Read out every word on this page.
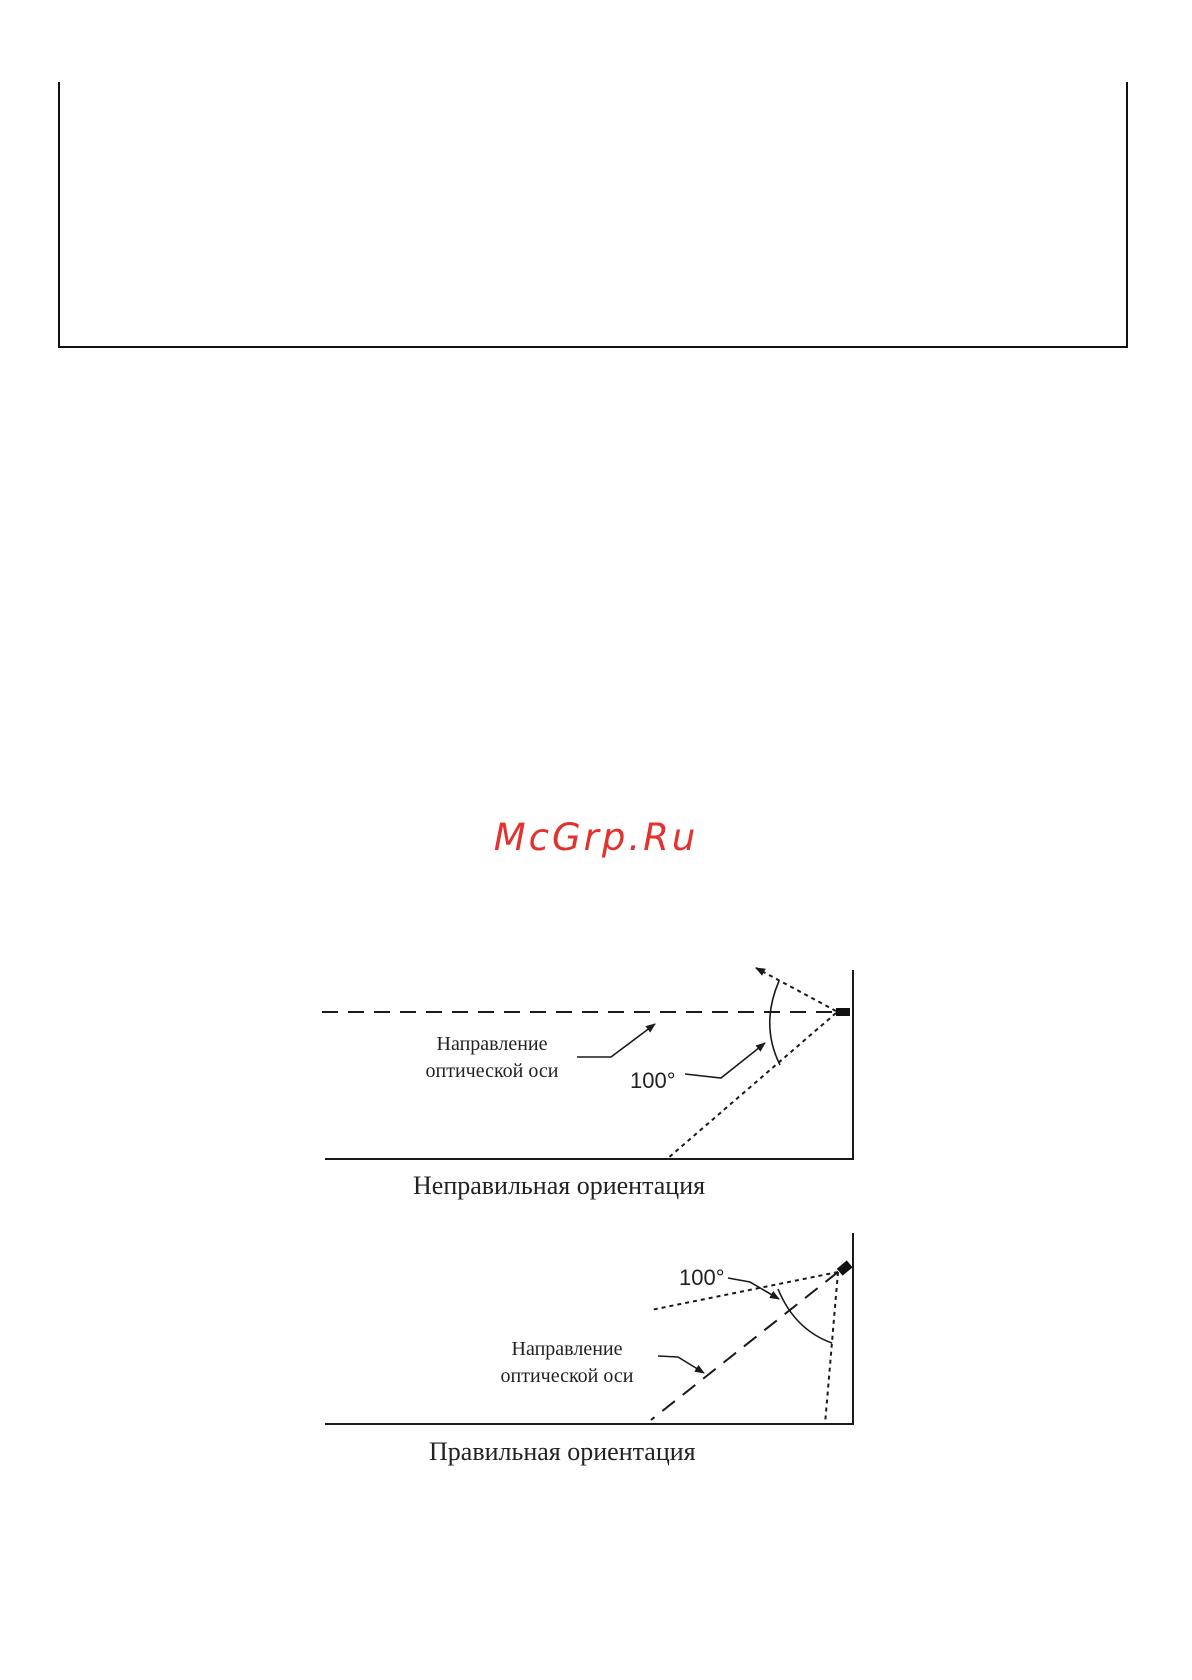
McGrp.Ru
Направление
оптической оси	100°
Неправильная ориентация
100°
Направление
оптической оси
Правильная ориентация
